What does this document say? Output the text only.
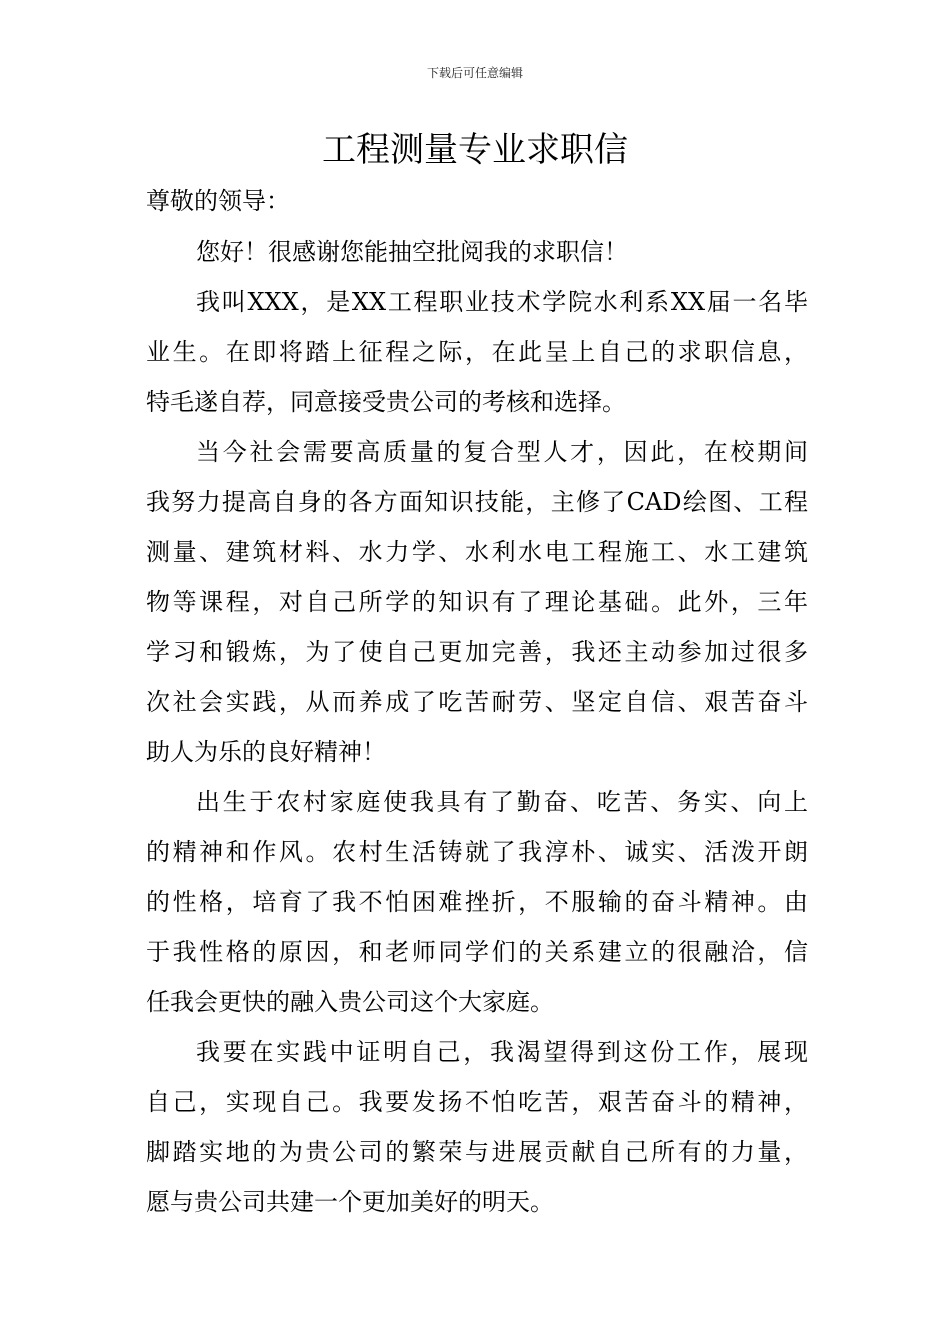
下载后可任意编辑
工程测量专业求职信

尊敬的领导：

您好！很感谢您能抽空批阅我的求职信！

我叫XXX，是XX工程职业技术学院水利系XX届一名毕
业生。在即将踏上征程之际，在此呈上自己的求职信息，
特毛遂自荐，同意接受贵公司的考核和选择。

当今社会需要高质量的复合型人才，因此，在校期间
我努力提高自身的各方面知识技能，主修了CAD绘图、工程
测量、建筑材料、水力学、水利水电工程施工、水工建筑
物等课程，对自己所学的知识有了理论基础。此外，三年
学习和锻炼，为了使自己更加完善，我还主动参加过很多
次社会实践，从而养成了吃苦耐劳、坚定自信、艰苦奋斗
助人为乐的良好精神！

出生于农村家庭使我具有了勤奋、吃苦、务实、向上
的精神和作风。农村生活铸就了我淳朴、诚实、活泼开朗
的性格，培育了我不怕困难挫折，不服输的奋斗精神。由
于我性格的原因，和老师同学们的关系建立的很融洽，信
任我会更快的融入贵公司这个大家庭。

我要在实践中证明自己，我渴望得到这份工作，展现
自己，实现自己。我要发扬不怕吃苦，艰苦奋斗的精神，
脚踏实地的为贵公司的繁荣与进展贡献自己所有的力量，
愿与贵公司共建一个更加美好的明天。
